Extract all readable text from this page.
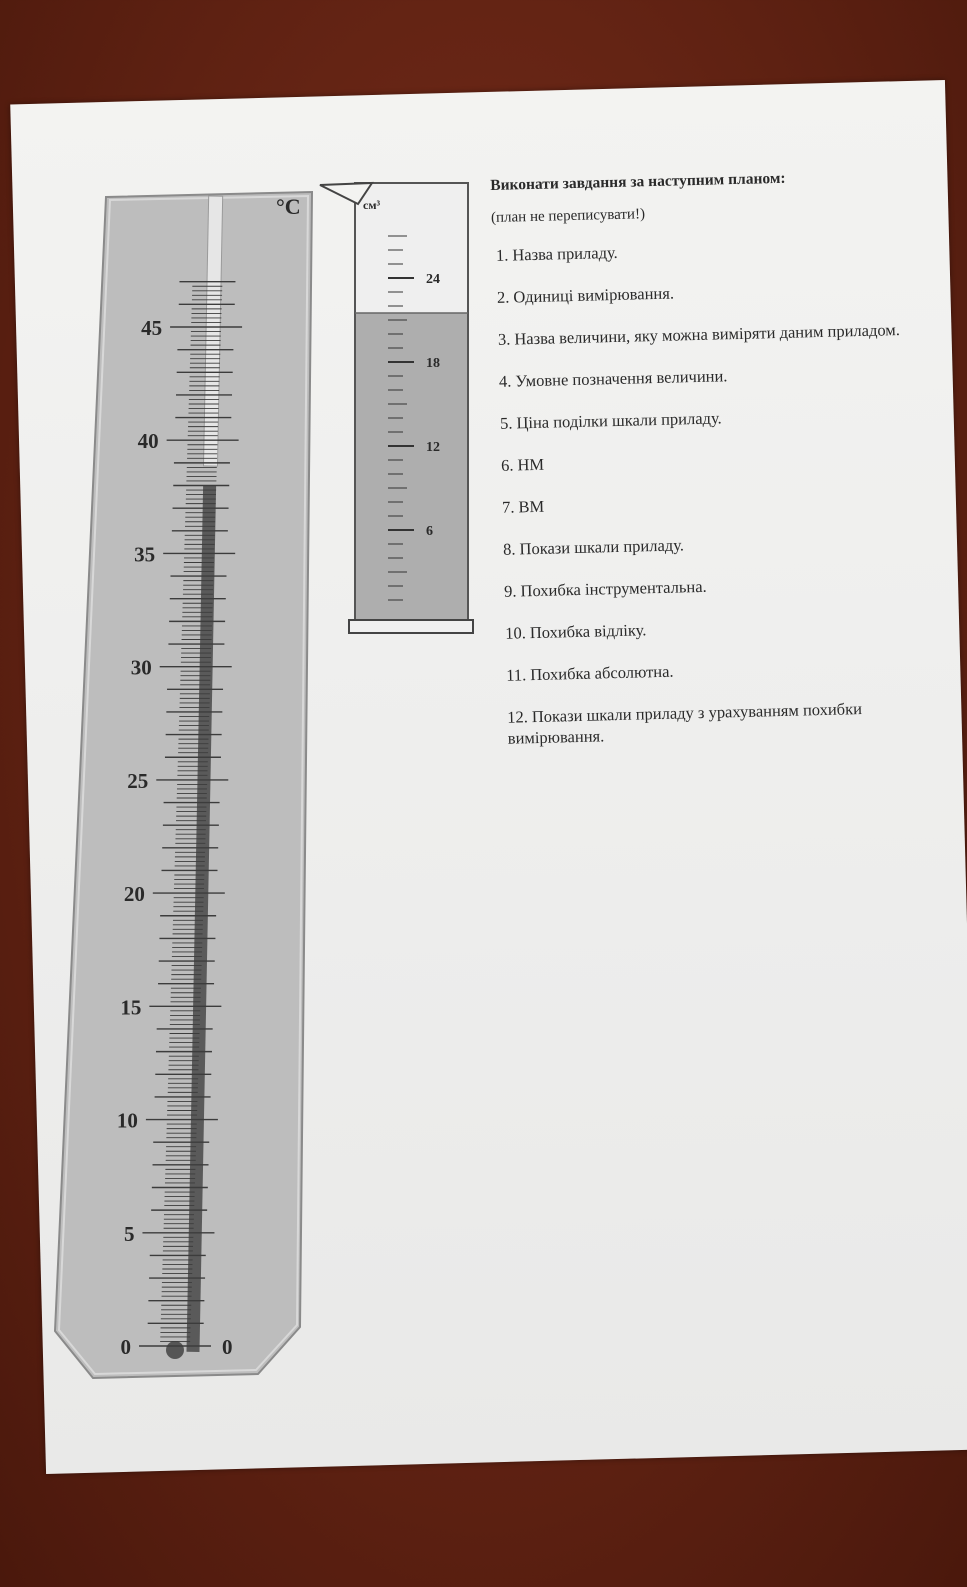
45
40
35
30
25
20
15
10
5
0
°C
0
24
18
12
6
см³
Виконати завдання за наступним планом:
(план не переписувати!)
1. Назва приладу.
2. Одиниці вимірювання.
3. Назва величини, яку можна виміряти даним приладом.
4. Умовне позначення величини.
5. Ціна поділки шкали приладу.
6. НМ
7. ВМ
8. Покази шкали приладу.
9. Похибка інструментальна.
10. Похибка відліку.
11. Похибка абсолютна.
12. Покази шкали приладу з урахуванням похибки вимірювання.
